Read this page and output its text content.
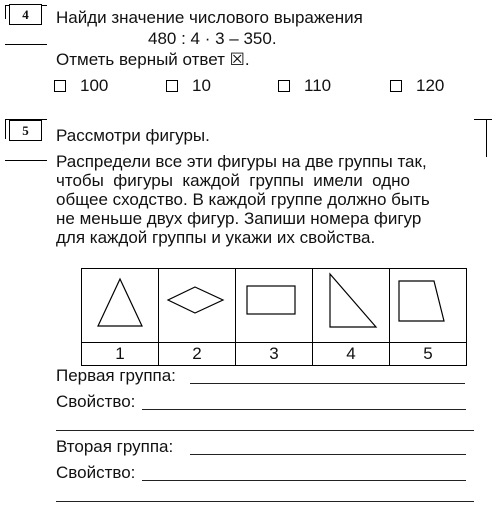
4	Найди значение числового выражения
480 : 4 · 3 – 350.
Отметь верный ответ ☒.
100	10	110	120
5	Рассмотри фигуры.
Распредели все эти фигуры на две группы так,
чтобы фигуры каждой группы имели одно
общее сходство. В каждой группе должно быть
не меньше двух фигур. Запиши номера фигур
для каждой группы и укажи их свойства.

1	2	3	4	5
Первая группа:
Свойство:
Вторая группа:
Свойство:
